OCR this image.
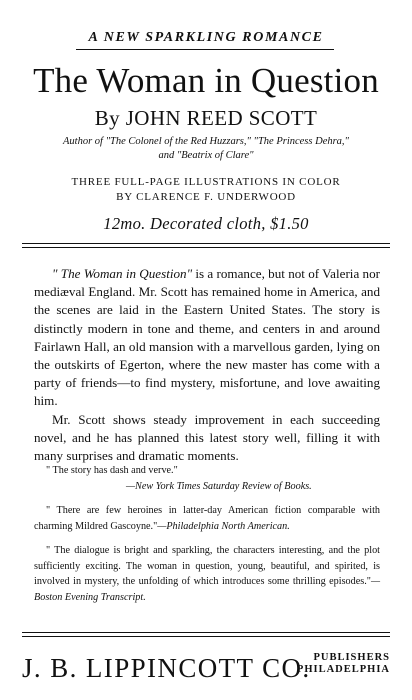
A NEW SPARKLING ROMANCE
The Woman in Question
By JOHN REED SCOTT
Author of "The Colonel of the Red Huzzars," "The Princess Dehra,"
and "Beatrix of Clare"
THREE FULL-PAGE ILLUSTRATIONS IN COLOR
BY CLARENCE F. UNDERWOOD
12mo. Decorated cloth, $1.50

" The Woman in Question" is a romance, but not of Valeria nor mediæval England. Mr. Scott has remained home in America, and the scenes are laid in the Eastern United States. The story is distinctly modern in tone and theme, and centers in and around Fairlawn Hall, an old mansion with a marvellous garden, lying on the outskirts of Egerton, where the new master has come with a party of friends—to find mystery, misfortune, and love awaiting him.

Mr. Scott shows steady improvement in each succeeding novel, and he has planned this latest story well, filling it with many surprises and dramatic moments.

" The story has dash and verve."
—New York Times Saturday Review of Books.
" There are few heroines in latter-day American fiction comparable with charming Mildred Gascoyne."—Philadelphia North American.
" The dialogue is bright and sparkling, the characters interesting, and the plot sufficiently exciting. The woman in question, young, beautiful, and spirited, is involved in mystery, the unfolding of which introduces some thrilling episodes."—Boston Evening Transcript.
J. B. LIPPINCOTT CO. PUBLISHERS
PHILADELPHIA
